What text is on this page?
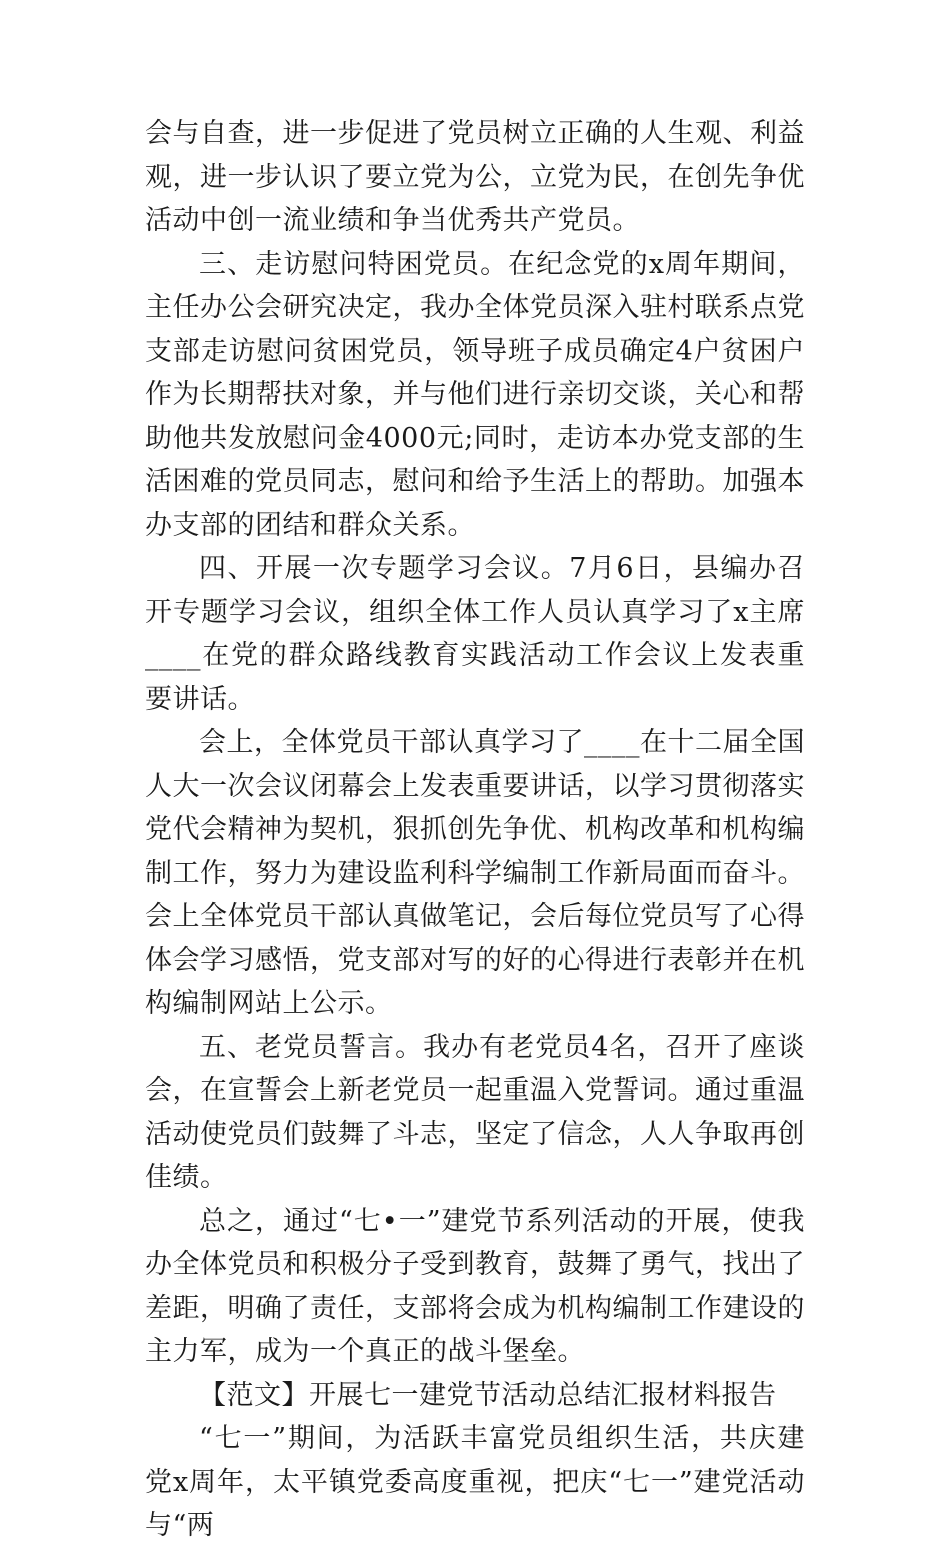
会与自查，进一步促进了党员树立正确的人生观、利益观，进一步认识了要立党为公，立党为民，在创先争优活动中创一流业绩和争当优秀共产党员。

三、走访慰问特困党员。在纪念党的x周年期间，主任办公会研究决定，我办全体党员深入驻村联系点党支部走访慰问贫困党员，领导班子成员确定4户贫困户作为长期帮扶对象，并与他们进行亲切交谈，关心和帮助他共发放慰问金4000元;同时，走访本办党支部的生活困难的党员同志，慰问和给予生活上的帮助。加强本办支部的团结和群众关系。

四、开展一次专题学习会议。7月6日，县编办召开专题学习会议，组织全体工作人员认真学习了x主席____在党的群众路线教育实践活动工作会议上发表重要讲话。

会上，全体党员干部认真学习了____在十二届全国人大一次会议闭幕会上发表重要讲话，以学习贯彻落实党代会精神为契机，狠抓创先争优、机构改革和机构编制工作，努力为建设监利科学编制工作新局面而奋斗。会上全体党员干部认真做笔记，会后每位党员写了心得体会学习感悟，党支部对写的好的心得进行表彰并在机构编制网站上公示。

五、老党员誓言。我办有老党员4名，召开了座谈会，在宣誓会上新老党员一起重温入党誓词。通过重温活动使党员们鼓舞了斗志，坚定了信念，人人争取再创佳绩。

总之，通过“七•一”建党节系列活动的开展，使我办全体党员和积极分子受到教育，鼓舞了勇气，找出了差距，明确了责任，支部将会成为机构编制工作建设的主力军，成为一个真正的战斗堡垒。

【范文】开展七一建党节活动总结汇报材料报告

“七一”期间，为活跃丰富党员组织生活，共庆建党x周年，太平镇党委高度重视，把庆“七一”建党活动与“两
